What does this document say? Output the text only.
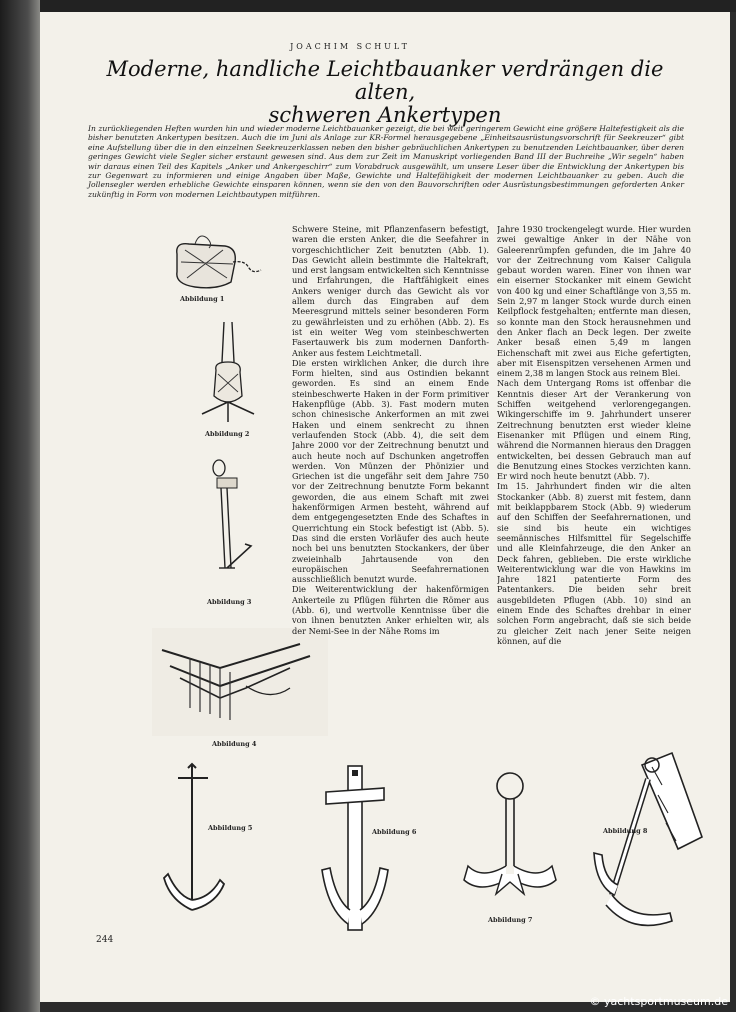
JOACHIM SCHULT
Moderne, handliche Leichtbauanker verdrängen die alten,
schweren Ankertypen
In zurückliegenden Heften wurden hin und wieder moderne Leichtbauanker gezeigt, die bei weit geringerem Gewicht eine größere Haltefestigkeit als die bisher benutzten Ankertypen besitzen. Auch die im Juni als Anlage zur KR-Formel herausgegebene „Einheitsausrüstungsvorschrift für Seekreuzer“ gibt eine Aufstellung über die in den einzelnen Seekreuzerklassen neben den bisher gebräuchlichen Ankertypen zu benutzenden Leichtbauanker, über deren geringes Gewicht viele Segler sicher erstaunt gewesen sind. Aus dem zur Zeit im Manuskript vorliegenden Band III der Buchreihe „Wir segeln“ haben wir daraus einen Teil des Kapitels „Anker und Ankergeschirr“ zum Vorabdruck ausgewählt, um unsere Leser über die Entwicklung der Ankertypen bis zur Gegenwart zu informieren und einige Angaben über Maße, Gewichte und Haltefähigkeit der modernen Leichtbauanker zu geben. Auch die Jollensegler werden erhebliche Gewichte einsparen können, wenn sie den von den Bauvorschriften oder Ausrüstungsbestimmungen geforderten Anker zukünftig in Form von modernen Leichtbautypen mitführen.
Abbildung 1
Abbildung 2
Abbildung 3
Abbildung 4

Schwere Steine, mit Pflanzenfasern befestigt, waren die ersten Anker, die die Seefahrer in vorgeschichtlicher Zeit benutzten (Abb. 1). Das Gewicht allein bestimmte die Haltekraft, und erst langsam entwickelten sich Kenntnisse und Erfahrungen, die Haftfähigkeit eines Ankers weniger durch das Gewicht als vor allem durch das Eingraben auf dem Meeresgrund mittels seiner besonderen Form zu gewährleisten und zu erhöhen (Abb. 2). Es ist ein weiter Weg vom steinbeschwerten Fasertauwerk bis zum modernen Danforth-Anker aus festem Leichtmetall.

Die ersten wirklichen Anker, die durch ihre Form hielten, sind aus Ostindien bekannt geworden. Es sind an einem Ende steinbeschwerte Haken in der Form primitiver Hakenpflüge (Abb. 3). Fast modern muten schon chinesische Ankerformen an mit zwei Haken und einem senkrecht zu ihnen verlaufenden Stock (Abb. 4), die seit dem Jahre 2000 vor der Zeitrechnung benutzt und auch heute noch auf Dschunken angetroffen werden. Von Münzen der Phönizier und Griechen ist die ungefähr seit dem Jahre 750 vor der Zeitrechnung benutzte Form bekannt geworden, die aus einem Schaft mit zwei hakenförmigen Armen besteht, während auf dem entgegengesetzten Ende des Schaftes in Querrichtung ein Stock befestigt ist (Abb. 5). Das sind die ersten Vorläufer des auch heute noch bei uns benutzten Stockankers, der über zweieinhalb Jahrtausende von den europäischen Seefahrernationen ausschließlich benutzt wurde.

Die Weiterentwicklung der hakenförmigen Ankerteile zu Pflügen führten die Römer aus (Abb. 6), und wertvolle Kenntnisse über die von ihnen benutzten Anker erhielten wir, als der Nemi-See in der Nähe Roms im

Jahre 1930 trockengelegt wurde. Hier wurden zwei gewaltige Anker in der Nähe von Galeerenrümpfen gefunden, die im Jahre 40 vor der Zeitrechnung vom Kaiser Caligula gebaut worden waren. Einer von ihnen war ein eiserner Stockanker mit einem Gewicht von 400 kg und einer Schaftlänge von 3,55 m. Sein 2,97 m langer Stock wurde durch einen Keilpflock festgehalten; entfernte man diesen, so konnte man den Stock herausnehmen und den Anker flach an Deck legen. Der zweite Anker besaß einen 5,49 m langen Eichenschaft mit zwei aus Eiche gefertigten, aber mit Eisenspitzen versehenen Armen und einem 2,38 m langen Stock aus reinem Blei.

Nach dem Untergang Roms ist offenbar die Kenntnis dieser Art der Verankerung von Schiffen weitgehend verlorengegangen. Wikingerschiffe im 9. Jahrhundert unserer Zeitrechnung benutzten erst wieder kleine Eisenanker mit Pflügen und einem Ring, während die Normannen hieraus den Draggen entwickelten, bei dessen Gebrauch man auf die Benutzung eines Stockes verzichten kann. Er wird noch heute benutzt (Abb. 7).

Im 15. Jahrhundert finden wir die alten Stockanker (Abb. 8) zuerst mit festem, dann mit beiklappbarem Stock (Abb. 9) wiederum auf den Schiffen der Seefahrernationen, und sie sind bis heute ein wichtiges seemännisches Hilfsmittel für Segelschiffe und alle Kleinfahrzeuge, die den Anker an Deck fahren, geblieben. Die erste wirkliche Weiterentwicklung war die von Hawkins im Jahre 1821 patentierte Form des Patentankers. Die beiden sehr breit ausgebildeten Pflugen (Abb. 10) sind an einem Ende des Schaftes drehbar in einer solchen Form angebracht, daß sie sich beide zu gleicher Zeit nach jener Seite neigen können, auf die

Abbildung 5	Abbildung 6
Abbildung 7
Abbildung 8
244
© yachtsportmuseum.de
